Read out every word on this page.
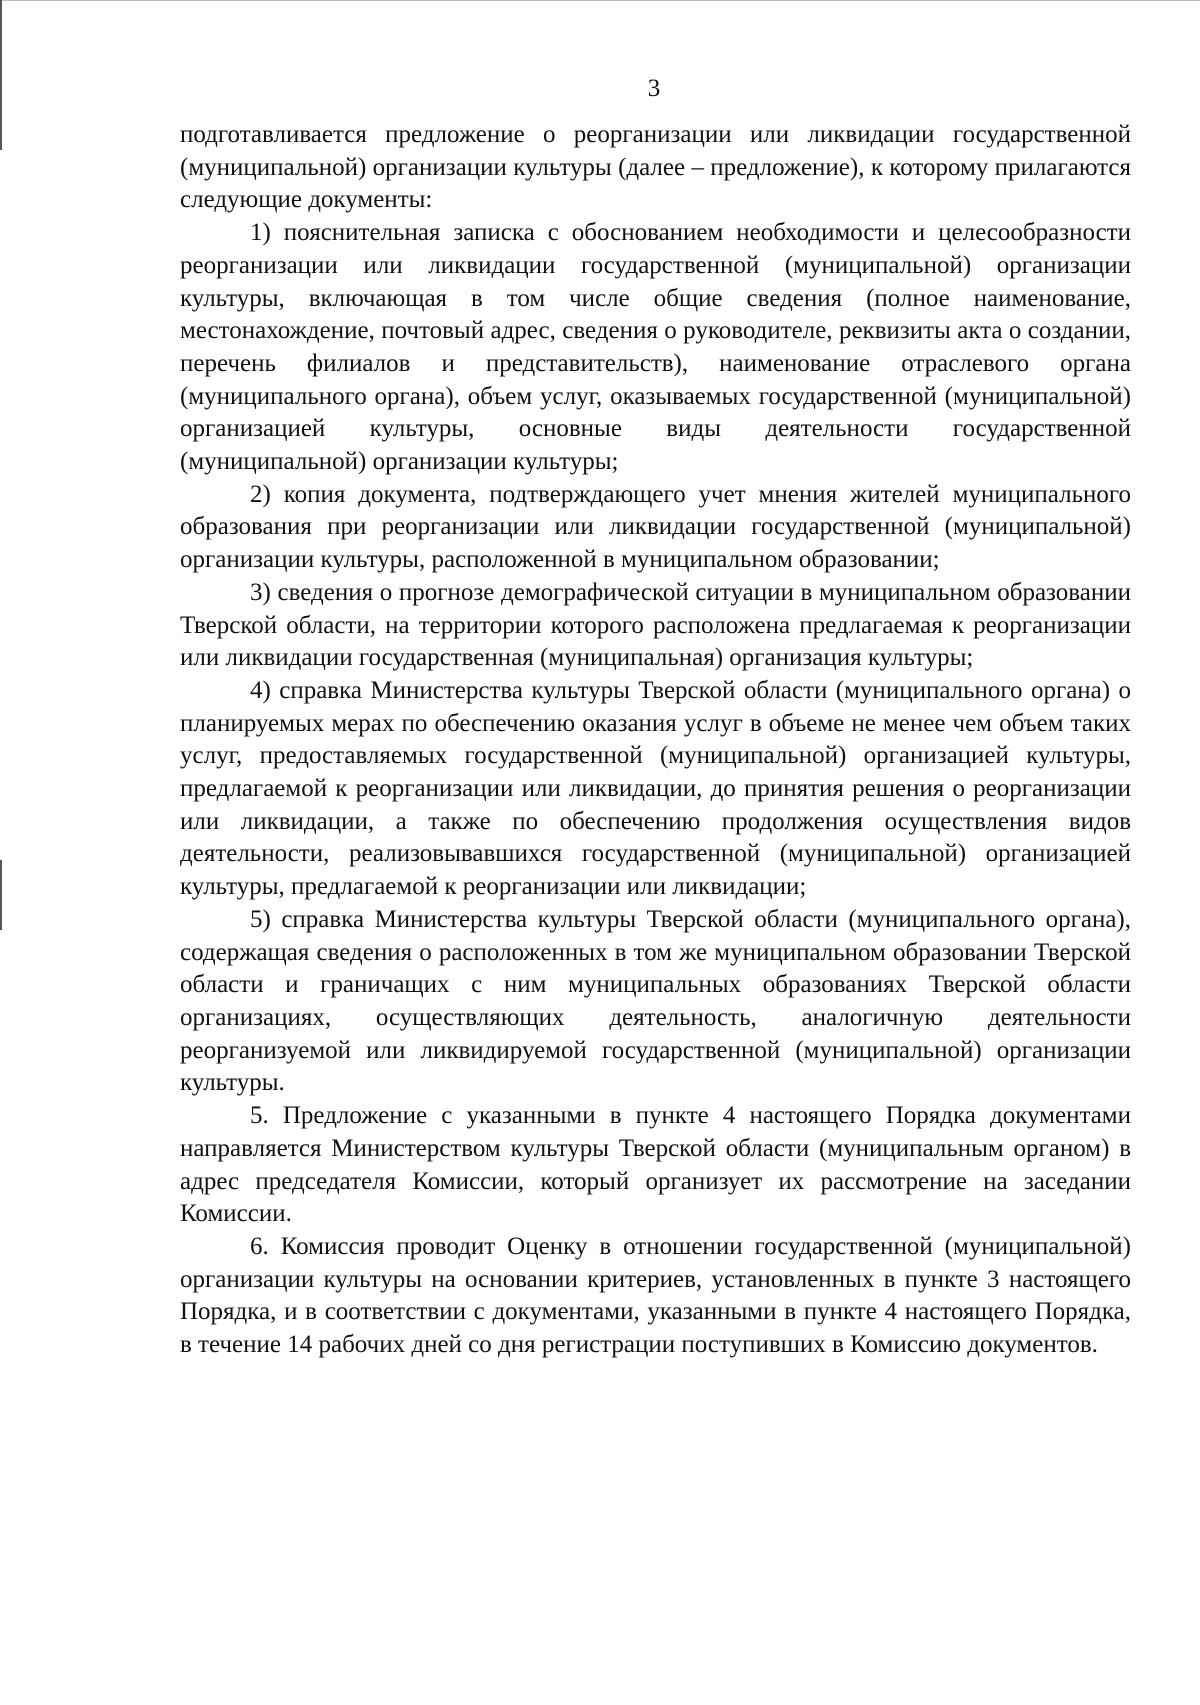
3

подготавливается предложение о реорганизации или ликвидации государственной (муниципальной) организации культуры (далее – предложение), к которому прилагаются следующие документы:

1) пояснительная записка с обоснованием необходимости и целесообразности реорганизации или ликвидации государственной (муниципальной) организации культуры, включающая в том числе общие сведения (полное наименование, местонахождение, почтовый адрес, сведения о руководителе, реквизиты акта о создании, перечень филиалов и представительств), наименование отраслевого органа (муниципального органа), объем услуг, оказываемых государственной (муниципальной) организацией культуры, основные виды деятельности государственной (муниципальной) организации культуры;

2) копия документа, подтверждающего учет мнения жителей муниципального образования при реорганизации или ликвидации государственной (муниципальной) организации культуры, расположенной в муниципальном образовании;

3) сведения о прогнозе демографической ситуации в муниципальном образовании Тверской области, на территории которого расположена предлагаемая к реорганизации или ликвидации государственная (муниципальная) организация культуры;

4) справка Министерства культуры Тверской области (муниципального органа) о планируемых мерах по обеспечению оказания услуг в объеме не менее чем объем таких услуг, предоставляемых государственной (муниципальной) организацией культуры, предлагаемой к реорганизации или ликвидации, до принятия решения о реорганизации или ликвидации, а также по обеспечению продолжения осуществления видов деятельности, реализовывавшихся государственной (муниципальной) организацией культуры, предлагаемой к реорганизации или ликвидации;

5) справка Министерства культуры Тверской области (муниципального органа), содержащая сведения о расположенных в том же муниципальном образовании Тверской области и граничащих с ним муниципальных образованиях Тверской области организациях, осуществляющих деятельность, аналогичную деятельности реорганизуемой или ликвидируемой государственной (муниципальной) организации культуры.

5. Предложение с указанными в пункте 4 настоящего Порядка документами направляется Министерством культуры Тверской области (муниципальным органом) в адрес председателя Комиссии, который организует их рассмотрение на заседании Комиссии.

6. Комиссия проводит Оценку в отношении государственной (муниципальной) организации культуры на основании критериев, установленных в пункте 3 настоящего Порядка, и в соответствии с документами, указанными в пункте 4 настоящего Порядка, в течение 14 рабочих дней со дня регистрации поступивших в Комиссию документов.
